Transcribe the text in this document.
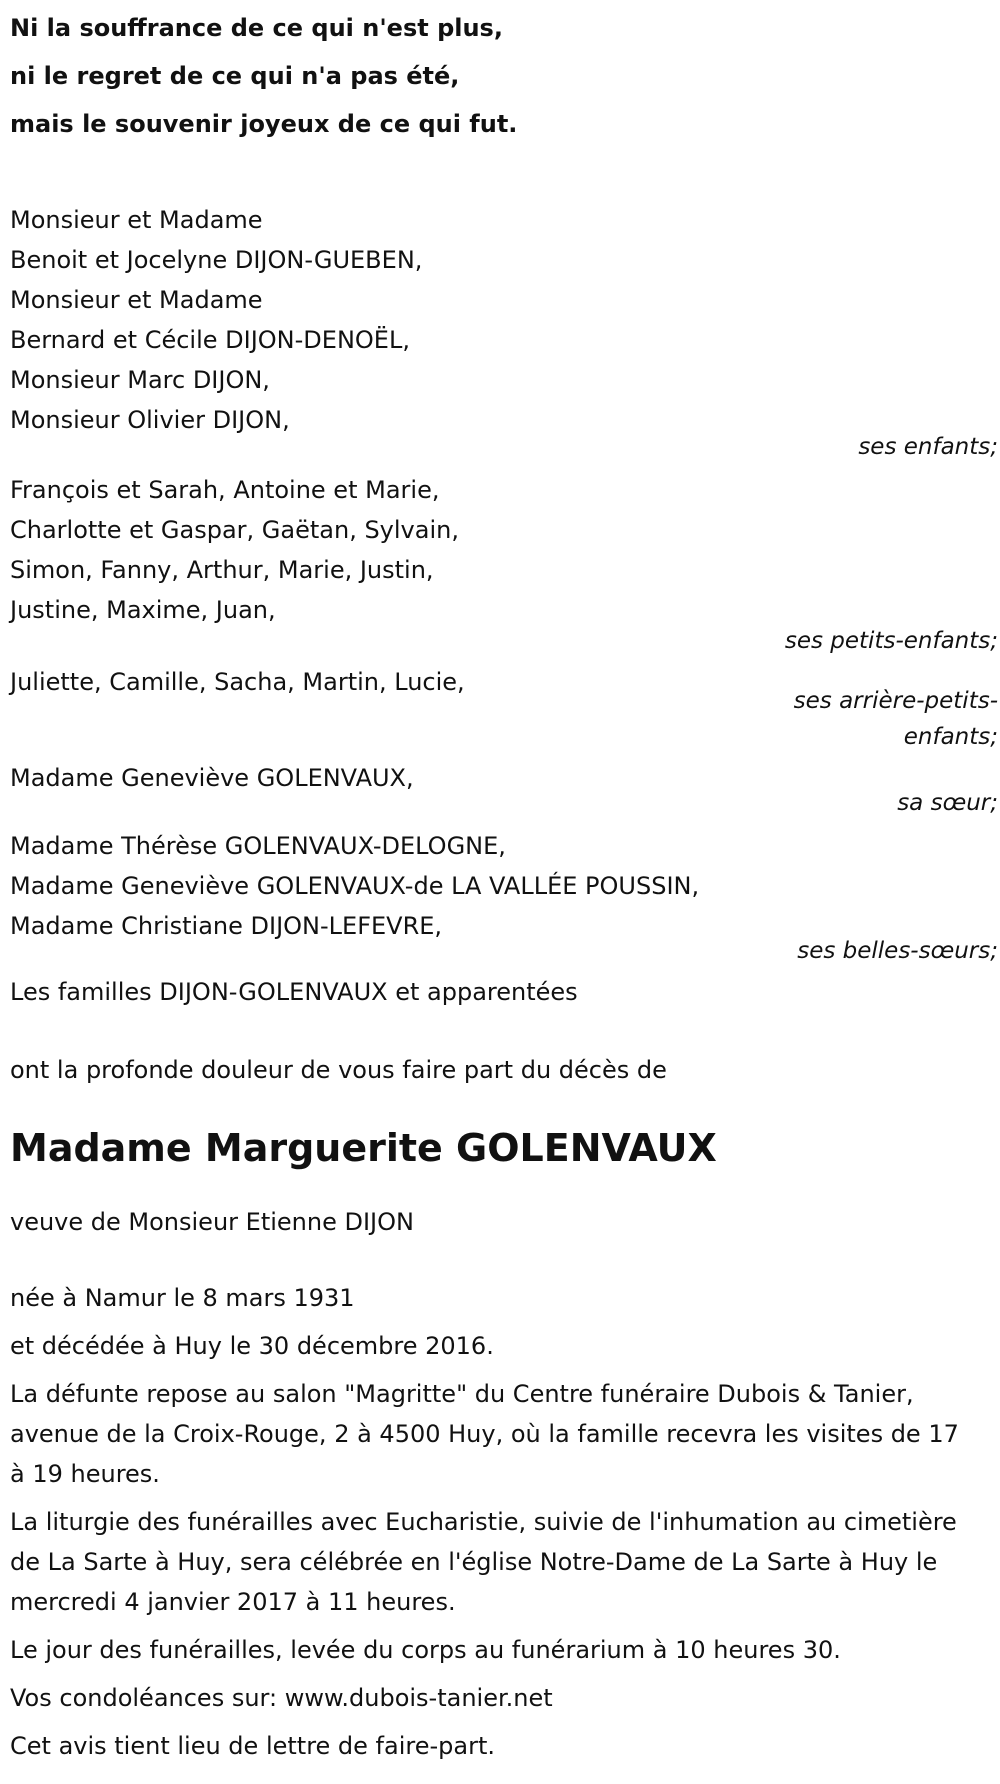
Ni la souffrance de ce qui n'est plus,
ni le regret de ce qui n'a pas été,
mais le souvenir joyeux de ce qui fut.
Monsieur et Madame
Benoit et Jocelyne DIJON-GUEBEN,
Monsieur et Madame
Bernard et Cécile DIJON-DENOËL,
Monsieur Marc DIJON,
Monsieur Olivier DIJON,
ses enfants;
François et Sarah, Antoine et Marie,
Charlotte et Gaspar, Gaëtan, Sylvain,
Simon, Fanny, Arthur, Marie, Justin,
Justine, Maxime, Juan,
ses petits-enfants;
Juliette, Camille, Sacha, Martin, Lucie,
ses arrière-petits-
enfants;
Madame Geneviève GOLENVAUX,
sa sœur;
Madame Thérèse GOLENVAUX-DELOGNE,
Madame Geneviève GOLENVAUX-de LA VALLÉE POUSSIN,
Madame Christiane DIJON-LEFEVRE,
ses belles-sœurs;
Les familles DIJON-GOLENVAUX et apparentées
ont la profonde douleur de vous faire part du décès de
Madame Marguerite GOLENVAUX
veuve de Monsieur Etienne DIJON
née à Namur le 8 mars 1931
et décédée à Huy le 30 décembre 2016.
La défunte repose au salon "Magritte" du Centre funéraire Dubois & Tanier, avenue de la Croix-Rouge, 2 à 4500 Huy, où la famille recevra les visites de 17 à 19 heures.
La liturgie des funérailles avec Eucharistie, suivie de l'inhumation au cimetière de La Sarte à Huy, sera célébrée en l'église Notre-Dame de La Sarte à Huy le mercredi 4 janvier 2017 à 11 heures.
Le jour des funérailles, levée du corps au funérarium à 10 heures 30.
Vos condoléances sur: www.dubois-tanier.net
Cet avis tient lieu de lettre de faire-part.
